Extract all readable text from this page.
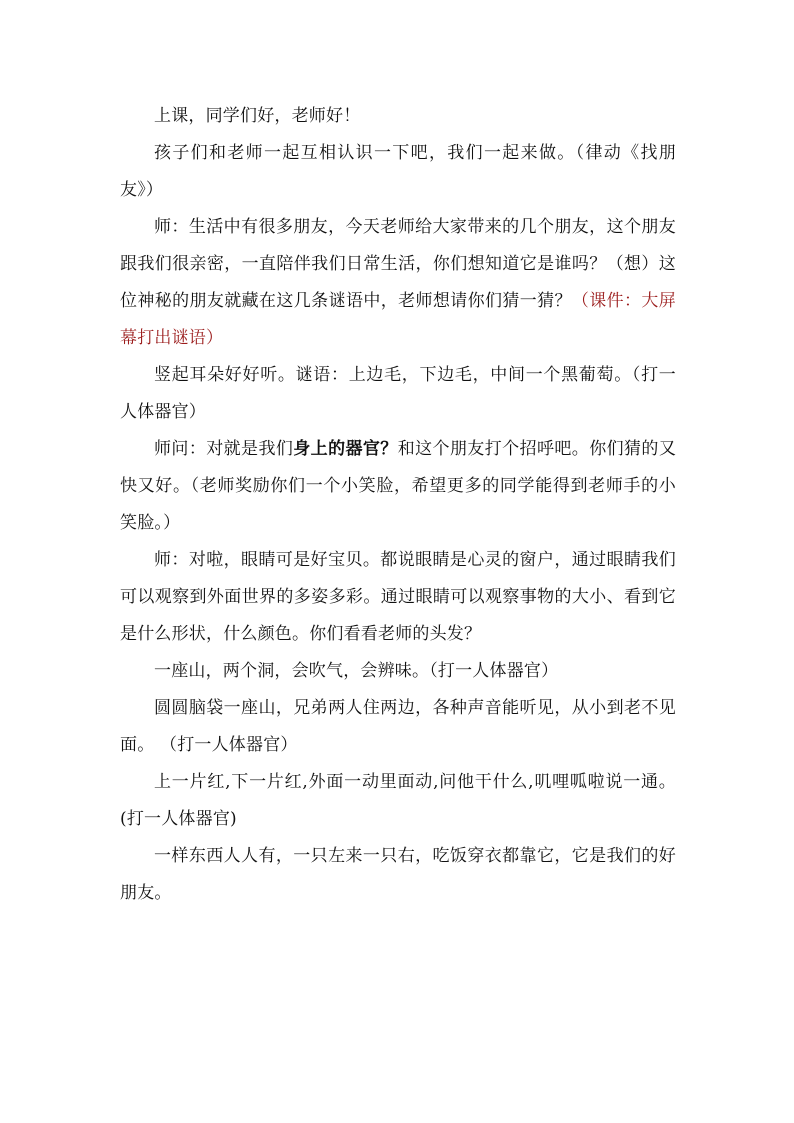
上课，同学们好，老师好！

孩子们和老师一起互相认识一下吧，我们一起来做。（律动《找朋友》）

师：生活中有很多朋友，今天老师给大家带来的几个朋友，这个朋友跟我们很亲密，一直陪伴我们日常生活，你们想知道它是谁吗？（想）这位神秘的朋友就藏在这几条谜语中，老师想请你们猜一猜？（课件：大屏幕打出谜语）

竖起耳朵好好听。谜语：上边毛，下边毛，中间一个黑葡萄。（打一人体器官）

师问：对就是我们身上的器官？和这个朋友打个招呼吧。你们猜的又快又好。（老师奖励你们一个小笑脸，希望更多的同学能得到老师手的小笑脸。）

师：对啦，眼睛可是好宝贝。都说眼睛是心灵的窗户，通过眼睛我们可以观察到外面世界的多姿多彩。通过眼睛可以观察事物的大小、看到它是什么形状，什么颜色。你们看看老师的头发？

一座山，两个洞，会吹气，会辨味。（打一人体器官）

圆圆脑袋一座山，兄弟两人住两边，各种声音能听见，从小到老不见面。 （打一人体器官）

上一片红,下一片红,外面一动里面动,问他干什么,叽哩呱啦说一通。(打一人体器官)

一样东西人人有，一只左来一只右，吃饭穿衣都靠它，它是我们的好朋友。
